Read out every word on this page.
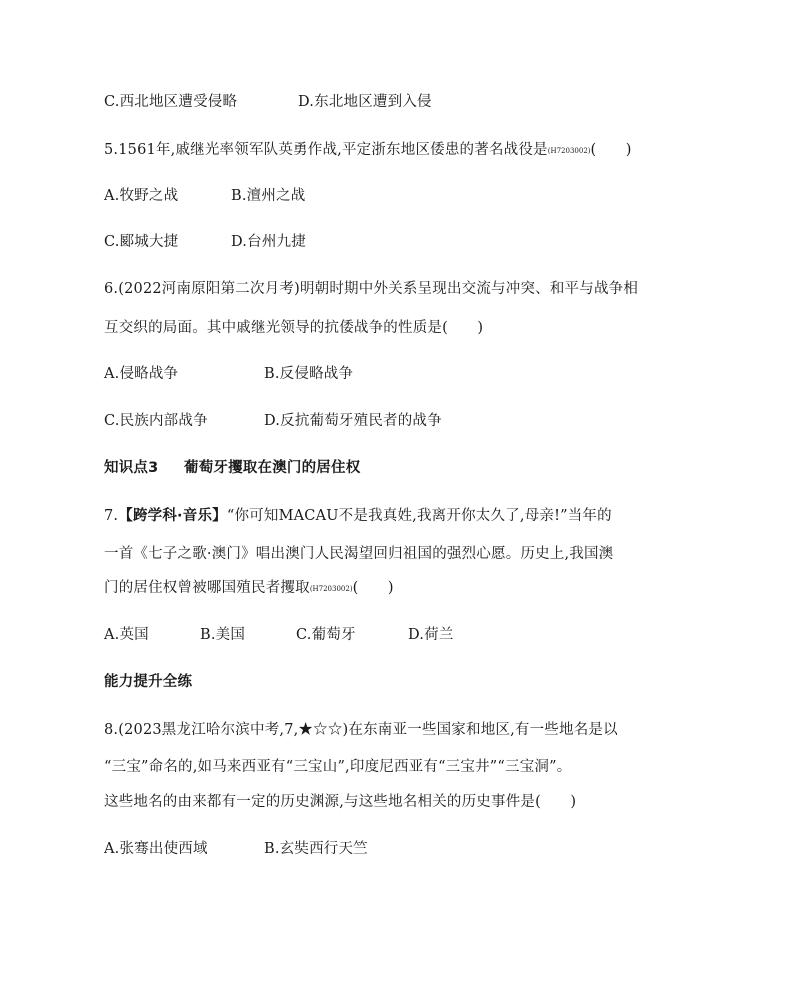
C.西北地区遭受侵略	D.东北地区遭到入侵
5.1561年,戚继光率领军队英勇作战,平定浙东地区倭患的著名战役是(H7203002)(　　)
A.牧野之战	B.澶州之战
C.郾城大捷	D.台州九捷
6.(2022河南原阳第二次月考)明朝时期中外关系呈现出交流与冲突、和平与战争相
互交织的局面。其中戚继光领导的抗倭战争的性质是(　　)
A.侵略战争	B.反侵略战争
C.民族内部战争	D.反抗葡萄牙殖民者的战争
知识点3 葡萄牙攫取在澳门的居住权
7.【跨学科·音乐】“你可知MACAU不是我真姓,我离开你太久了,母亲!”当年的
一首《七子之歌·澳门》唱出澳门人民渴望回归祖国的强烈心愿。历史上,我国澳
门的居住权曾被哪国殖民者攫取(H7203002)(　　)
A.英国	B.美国	C.葡萄牙	D.荷兰
能力提升全练
8.(2023黑龙江哈尔滨中考,7,★☆☆)在东南亚一些国家和地区,有一些地名是以
“三宝”命名的,如马来西亚有“三宝山”,印度尼西亚有“三宝井”“三宝洞”。
这些地名的由来都有一定的历史渊源,与这些地名相关的历史事件是(　　)
A.张骞出使西域	B.玄奘西行天竺
